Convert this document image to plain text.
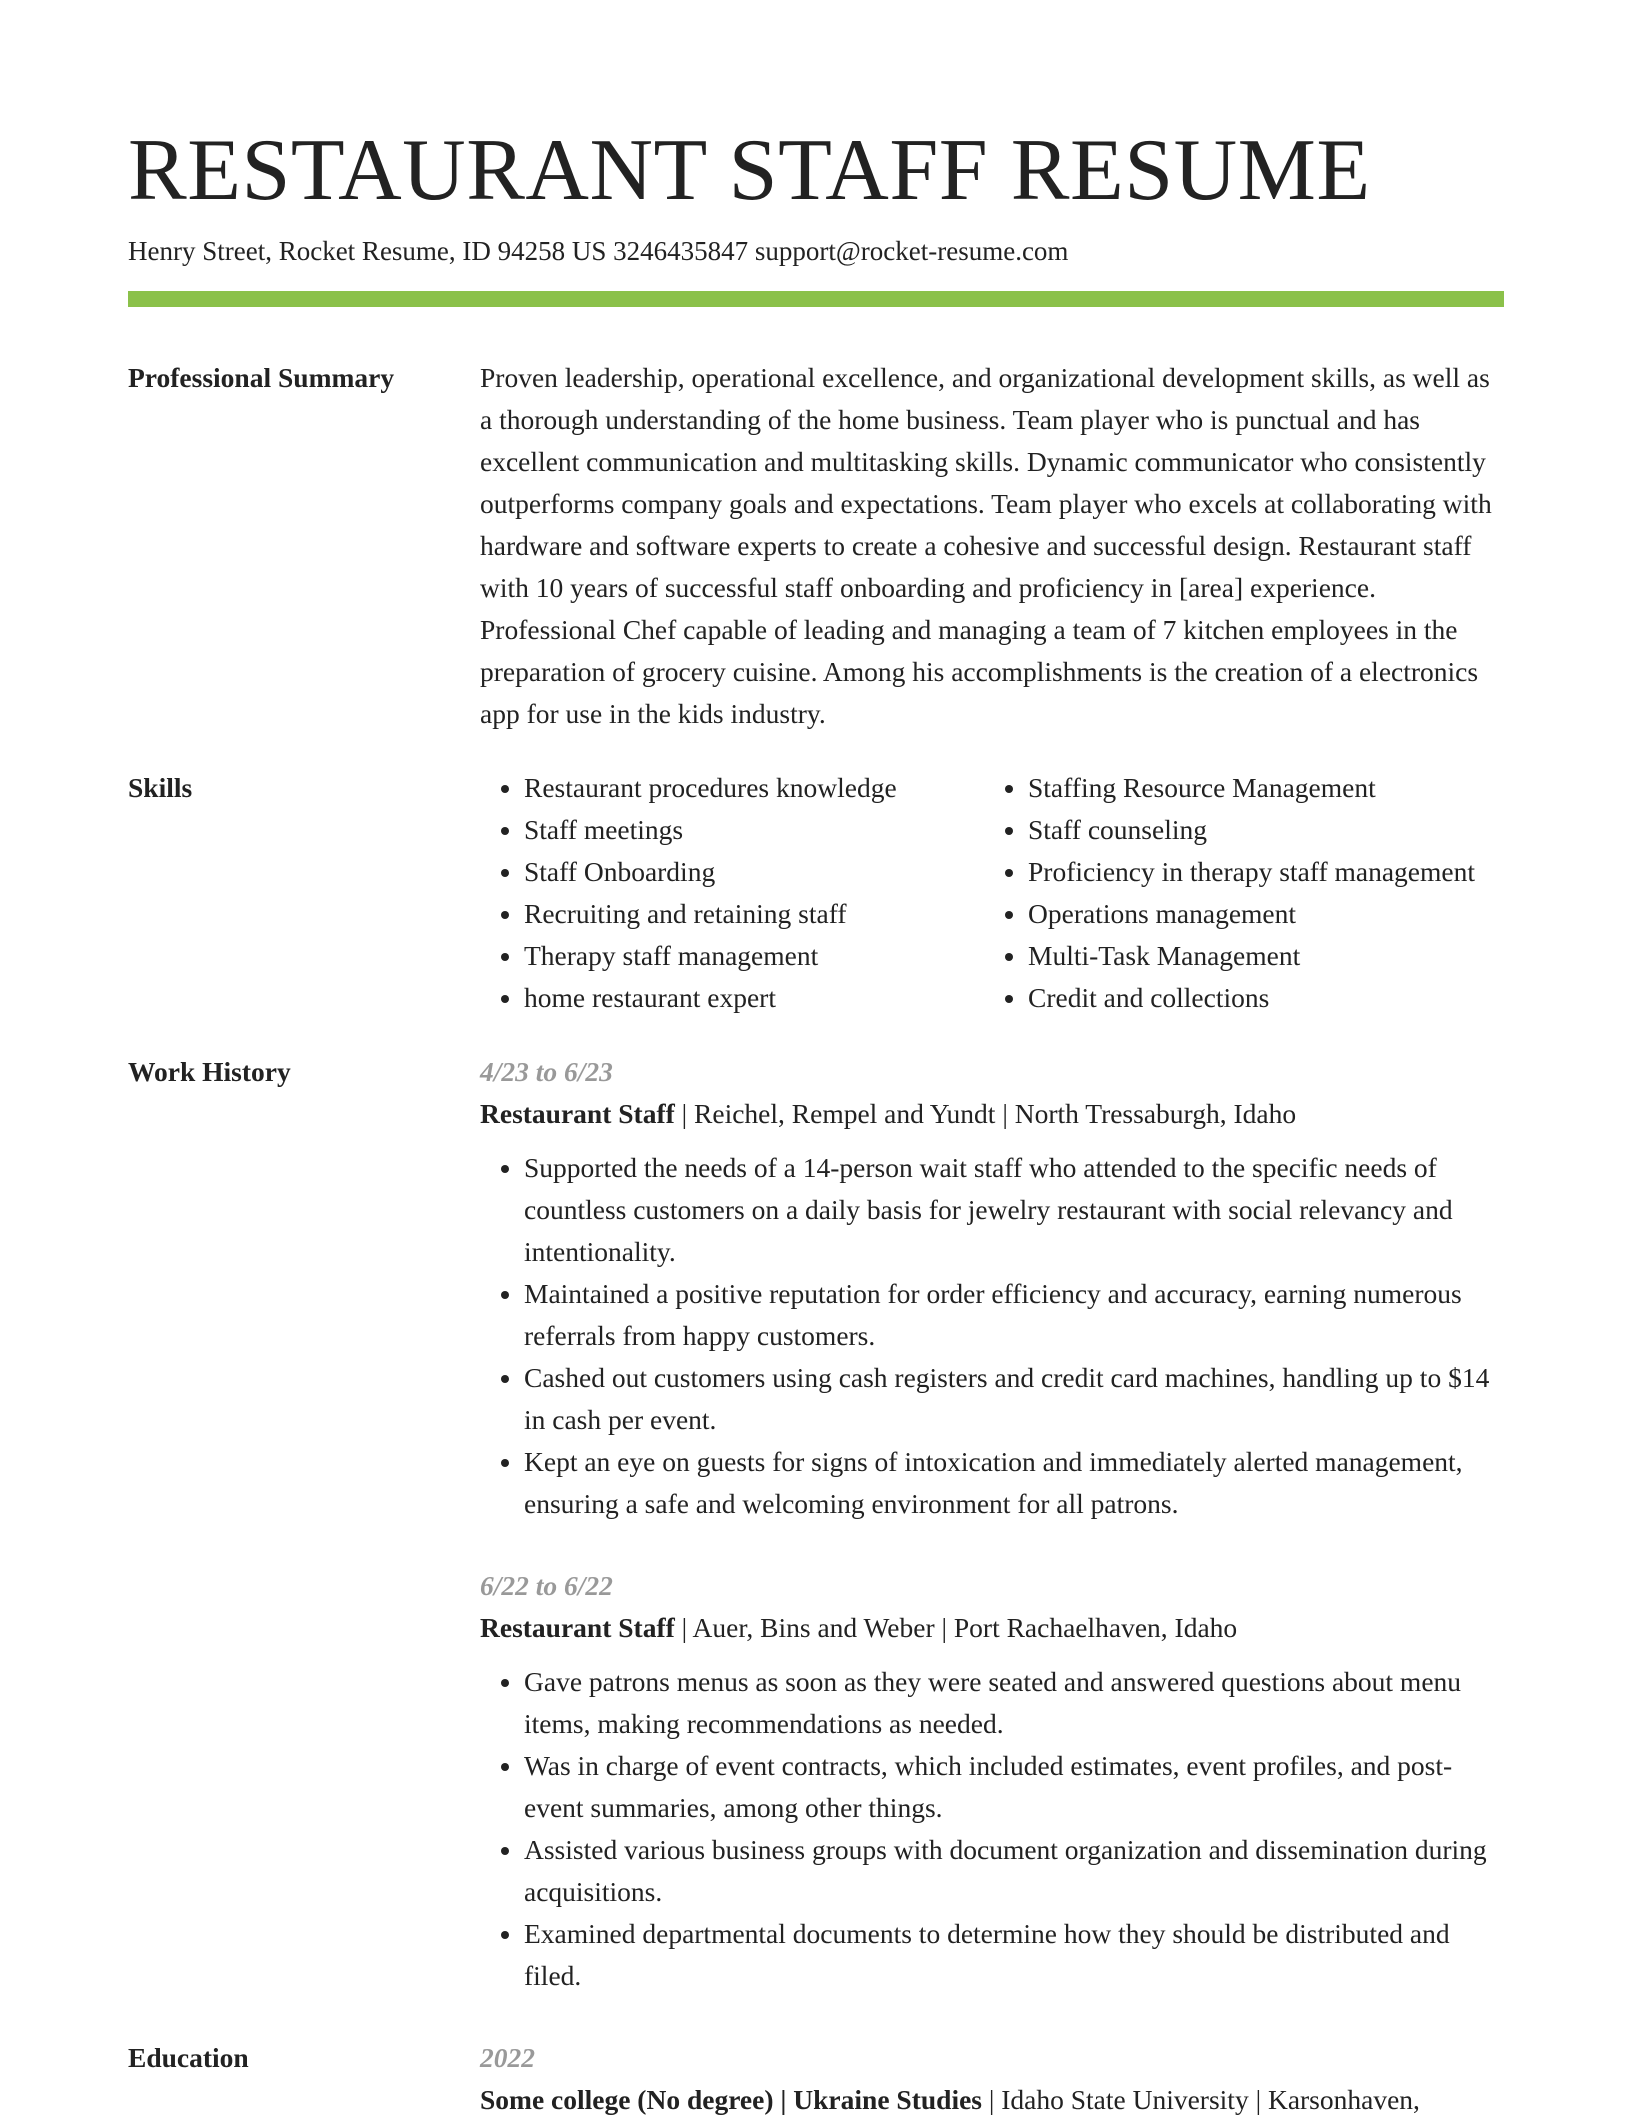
RESTAURANT STAFF RESUME
Henry Street, Rocket Resume, ID 94258 US 3246435847 support@rocket-resume.com
Professional Summary	Proven leadership, operational excellence, and organizational development skills, as well as a thorough understanding of the home business. Team player who is punctual and has excellent communication and multitasking skills. Dynamic communicator who consistently outperforms company goals and expectations. Team player who excels at collaborating with hardware and software experts to create a cohesive and successful design. Restaurant staff with 10 years of successful staff onboarding and proficiency in [area] experience. Professional Chef capable of leading and managing a team of 7 kitchen employees in the preparation of grocery cuisine. Among his accomplishments is the creation of a electronics app for use in the kids industry.

Skills
•	Restaurant procedures knowledge
• Staff meetings
• Staff Onboarding
• Recruiting and retaining staff
• Therapy staff management
• home restaurant expert
• Staffing Resource Management
• Staff counseling
• Proficiency in therapy staff management
• Operations management
• Multi-Task Management
• Credit and collections
Work History	4/23 to 6/23
Restaurant Staff | Reichel, Rempel and Yundt | North Tressaburgh, Idaho
• Supported the needs of a 14-person wait staff who attended to the specific needs of countless customers on a daily basis for jewelry restaurant with social relevancy and intentionality.
• Maintained a positive reputation for order efficiency and accuracy, earning numerous referrals from happy customers.
• Cashed out customers using cash registers and credit card machines, handling up to $14 in cash per event.
• Kept an eye on guests for signs of intoxication and immediately alerted management, ensuring a safe and welcoming environment for all patrons.
6/22 to 6/22
Restaurant Staff | Auer, Bins and Weber | Port Rachaelhaven, Idaho
• Gave patrons menus as soon as they were seated and answered questions about menu items, making recommendations as needed.
• Was in charge of event contracts, which included estimates, event profiles, and post-event summaries, among other things.
• Assisted various business groups with document organization and dissemination during acquisitions.
• Examined departmental documents to determine how they should be distributed and filed.
Education	2022
Some college (No degree) | Ukraine Studies | Idaho State University | Karsonhaven,
